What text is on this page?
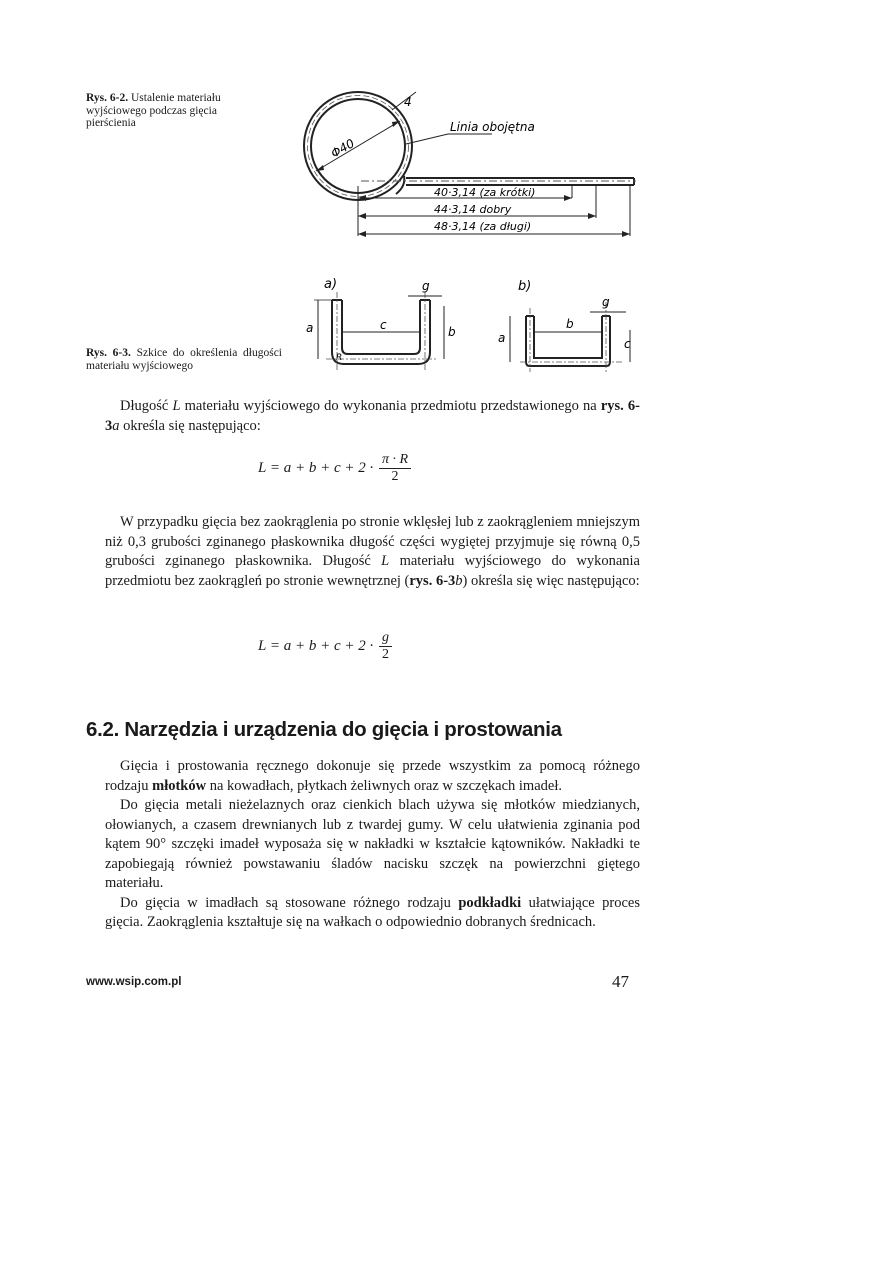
Rys. 6-2. Ustalenie materiału wyjściowego podczas gięcia pierścienia
Φ40
4
Linia obojętna
40·3,14 (za krótki)
44·3,14 dobry
48·3,14 (za długi)
a)
a	c	b
g
R
b)
a
b
c
g
Rys. 6-3. Szkice do określenia długości materiału wyjściowego

Długość L materiału wyjściowego do wykonania przedmiotu przedstawionego na rys. 6-3a określa się następująco:

$L = a + b + c + 2 \cdot \frac{\pi \cdot R}{2}$

W przypadku gięcia bez zaokrąglenia po stronie wklęsłej lub z zaokrągleniem mniejszym niż 0,3 grubości zginanego płaskownika długość części wygiętej przyjmuje się równą 0,5 grubości zginanego płaskownika. Długość L materiału wyjściowego do wykonania przedmiotu bez zaokrągleń po stronie wewnętrznej (rys. 6-3b) określa się więc następująco:

$L = a + b + c + 2 \cdot \frac{g}{2}$
6.2. Narzędzia i urządzenia do gięcia i prostowania

Gięcia i prostowania ręcznego dokonuje się przede wszystkim za pomocą różnego rodzaju młotków na kowadłach, płytkach żeliwnych oraz w szczękach imadeł.

Do gięcia metali nieżelaznych oraz cienkich blach używa się młotków miedzianych, ołowianych, a czasem drewnianych lub z twardej gumy. W celu ułatwienia zginania pod kątem 90° szczęki imadeł wyposaża się w nakładki w kształcie kątowników. Nakładki te zapobiegają również powstawaniu śladów nacisku szczęk na powierzchni giętego materiału.

Do gięcia w imadłach są stosowane różnego rodzaju podkładki ułatwiające proces gięcia. Zaokrąglenia kształtuje się na wałkach o odpowiednio dobranych średnicach.

www.wsip.com.pl	47
